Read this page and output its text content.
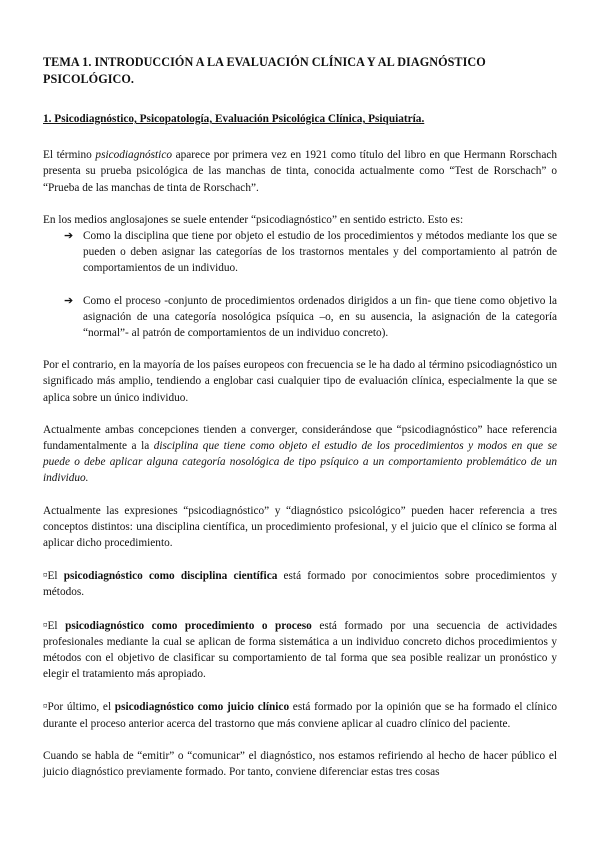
TEMA 1. INTRODUCCIÓN A LA EVALUACIÓN CLÍNICA Y AL DIAGNÓSTICO PSICOLÓGICO.
1. Psicodiagnóstico, Psicopatología, Evaluación Psicológica Clínica, Psiquiatría.

El término psicodiagnóstico aparece por primera vez en 1921 como título del libro en que Hermann Rorschach presenta su prueba psicológica de las manchas de tinta, conocida actualmente como “Test de Rorschach” o “Prueba de las manchas de tinta de Rorschach”.

En los medios anglosajones se suele entender “psicodiagnóstico” en sentido estricto. Esto es:

➔ Como la disciplina que tiene por objeto el estudio de los procedimientos y métodos mediante los que se pueden o deben asignar las categorías de los trastornos mentales y del comportamiento al patrón de comportamientos de un individuo.
➔ Como el proceso -conjunto de procedimientos ordenados dirigidos a un fin- que tiene como objetivo la asignación de una categoría nosológica psíquica –o, en su ausencia, la asignación de la categoría “normal”- al patrón de comportamientos de un individuo concreto).

Por el contrario, en la mayoría de los países europeos con frecuencia se le ha dado al término psicodiagnóstico un significado más amplio, tendiendo a englobar casi cualquier tipo de evaluación clínica, especialmente la que se aplica sobre un único individuo.

Actualmente ambas concepciones tienden a converger, considerándose que “psicodiagnóstico” hace referencia fundamentalmente a la disciplina que tiene como objeto el estudio de los procedimientos y modos en que se puede o debe aplicar alguna categoría nosológica de tipo psíquico a un comportamiento problemático de un individuo.

Actualmente las expresiones “psicodiagnóstico” y “diagnóstico psicológico” pueden hacer referencia a tres conceptos distintos: una disciplina científica, un procedimiento profesional, y el juicio que el clínico se forma al aplicar dicho procedimiento.

¤El psicodiagnóstico como disciplina científica está formado por conocimientos sobre procedimientos y métodos.

¤El psicodiagnóstico como procedimiento o proceso está formado por una secuencia de actividades profesionales mediante la cual se aplican de forma sistemática a un individuo concreto dichos procedimientos y métodos con el objetivo de clasificar su comportamiento de tal forma que sea posible realizar un pronóstico y elegir el tratamiento más apropiado.

¤Por último, el psicodiagnóstico como juicio clínico está formado por la opinión que se ha formado el clínico durante el proceso anterior acerca del trastorno que más conviene aplicar al cuadro clínico del paciente.

Cuando se habla de “emitir” o “comunicar” el diagnóstico, nos estamos refiriendo al hecho de hacer público el juicio diagnóstico previamente formado. Por tanto, conviene diferenciar estas tres cosas
